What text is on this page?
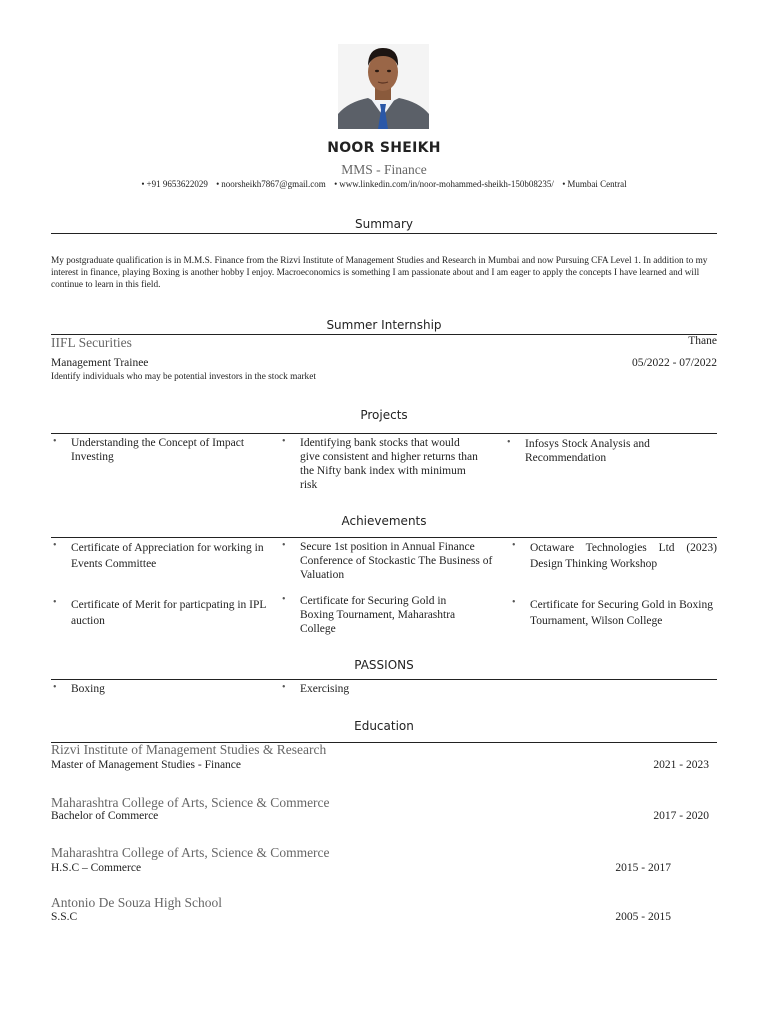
NOOR SHEIKH
MMS - Finance
• +91 9653622029 • noorsheikh7867@gmail.com • www.linkedin.com/in/noor-mohammed-sheikh-150b08235/ • Mumbai Central
Summary
My postgraduate qualification is in M.M.S. Finance from the Rizvi Institute of Management Studies and Research in Mumbai and now Pursuing CFA Level 1. In addition to my interest in finance, playing Boxing is another hobby I enjoy. Macroeconomics is something I am passionate about and I am eager to apply the concepts I have learned and will continue to learn in this field.
Summer Internship
IIFL Securities	Thane
Management Trainee	05/2022 - 07/2022
Identify individuals who may be potential investors in the stock market
Projects
• Understanding the Concept of Impact Investing
• Identifying bank stocks that would give consistent and higher returns than the Nifty bank index with minimum risk
• Infosys Stock Analysis and Recommendation
Achievements
• Certificate of Appreciation for working in Events Committee
• Secure 1st position in Annual Finance Conference of Stockastic The Business of Valuation
• Octaware Technologies Ltd (2023) Design Thinking Workshop
• Certificate of Merit for particpating in IPL auction
• Certificate for Securing Gold in Boxing Tournament, Maharashtra College
• Certificate for Securing Gold in Boxing Tournament, Wilson College
PASSIONS
• Boxing	• Exercising
Education
Rizvi Institute of Management Studies & Research
Master of Management Studies - Finance	2021 - 2023
Maharashtra College of Arts, Science & Commerce
Bachelor of Commerce	2017 - 2020
Maharashtra College of Arts, Science & Commerce
H.S.C – Commerce	2015 - 2017
Antonio De Souza High School
S.S.C	2005 - 2015
